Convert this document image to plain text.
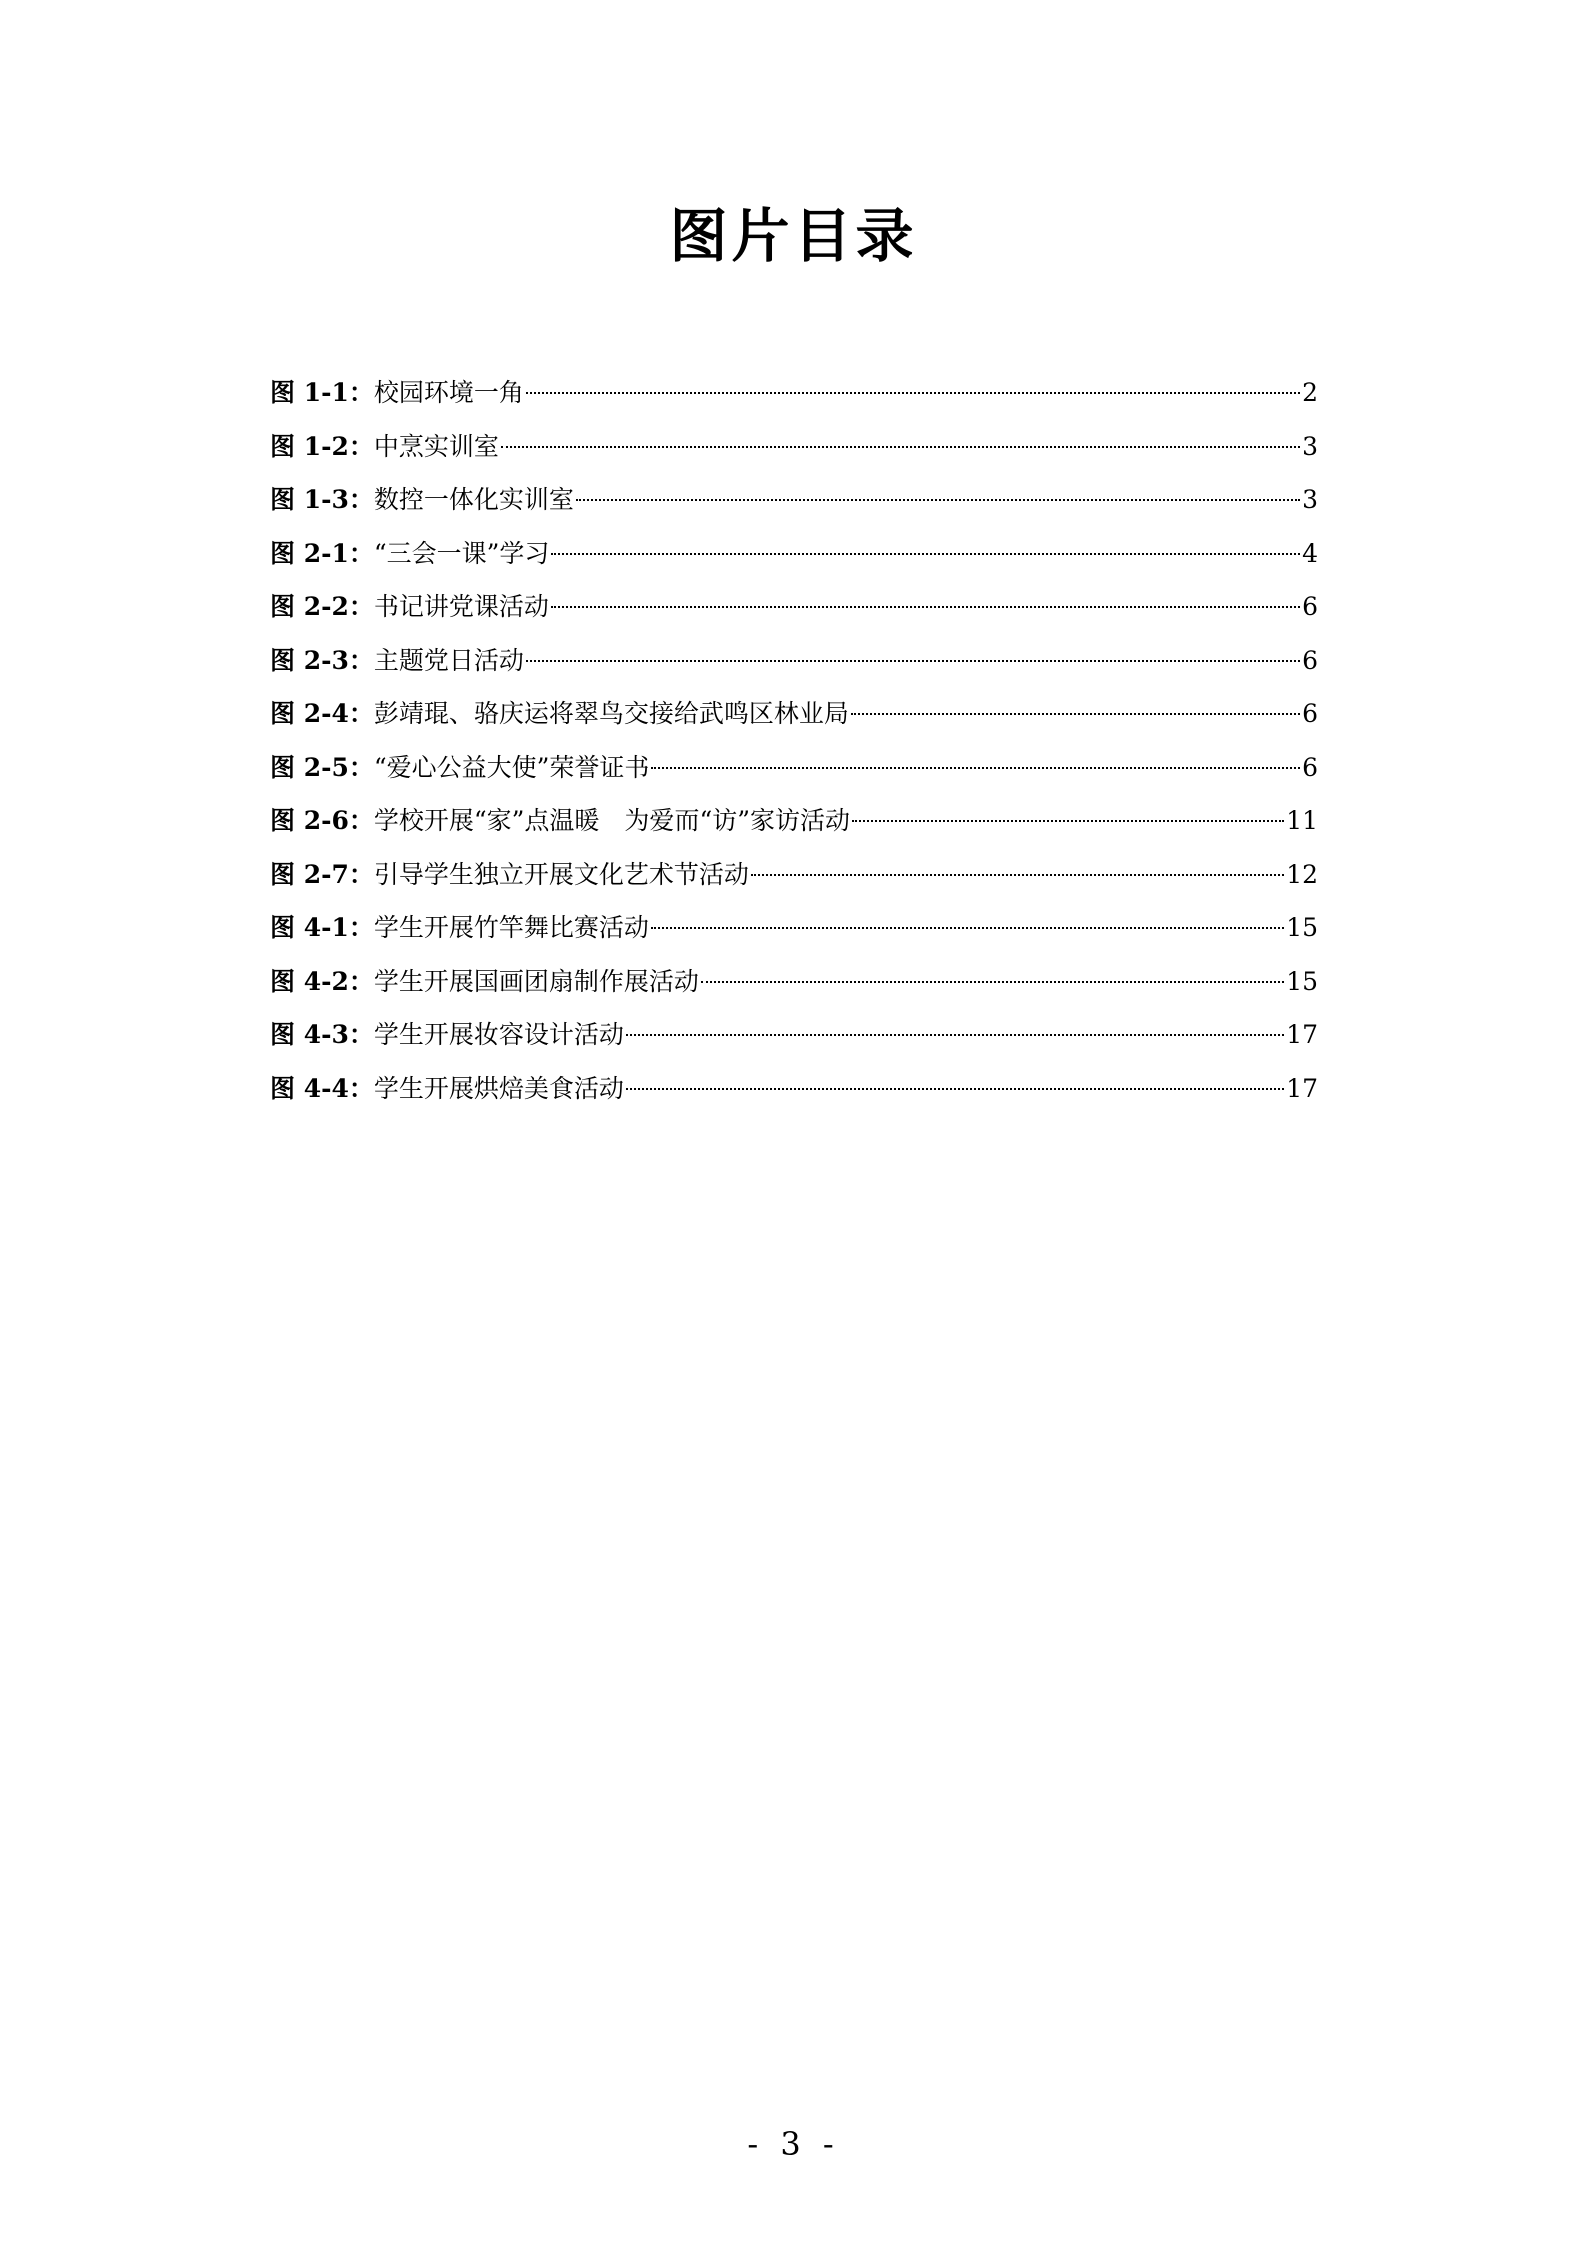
图片目录
图 1-1： 校园环境一角	2
图 1-2： 中烹实训室	3
图 1-3： 数控一体化实训室	3
图 2-1： “三会一课”学习	4
图 2-2： 书记讲党课活动	6
图 2-3： 主题党日活动	6
图 2-4： 彭靖琨、骆庆运将翠鸟交接给武鸣区林业局	6
图 2-5： “爱心公益大使”荣誉证书	6
图 2-6： 学校开展“家”点温暖　为爱而“访”家访活动	11
图 2-7： 引导学生独立开展文化艺术节活动	12
图 4-1： 学生开展竹竿舞比赛活动	15
图 4-2： 学生开展国画团扇制作展活动	15
图 4-3： 学生开展妆容设计活动	17
图 4-4： 学生开展烘焙美食活动	17
- 3 -
